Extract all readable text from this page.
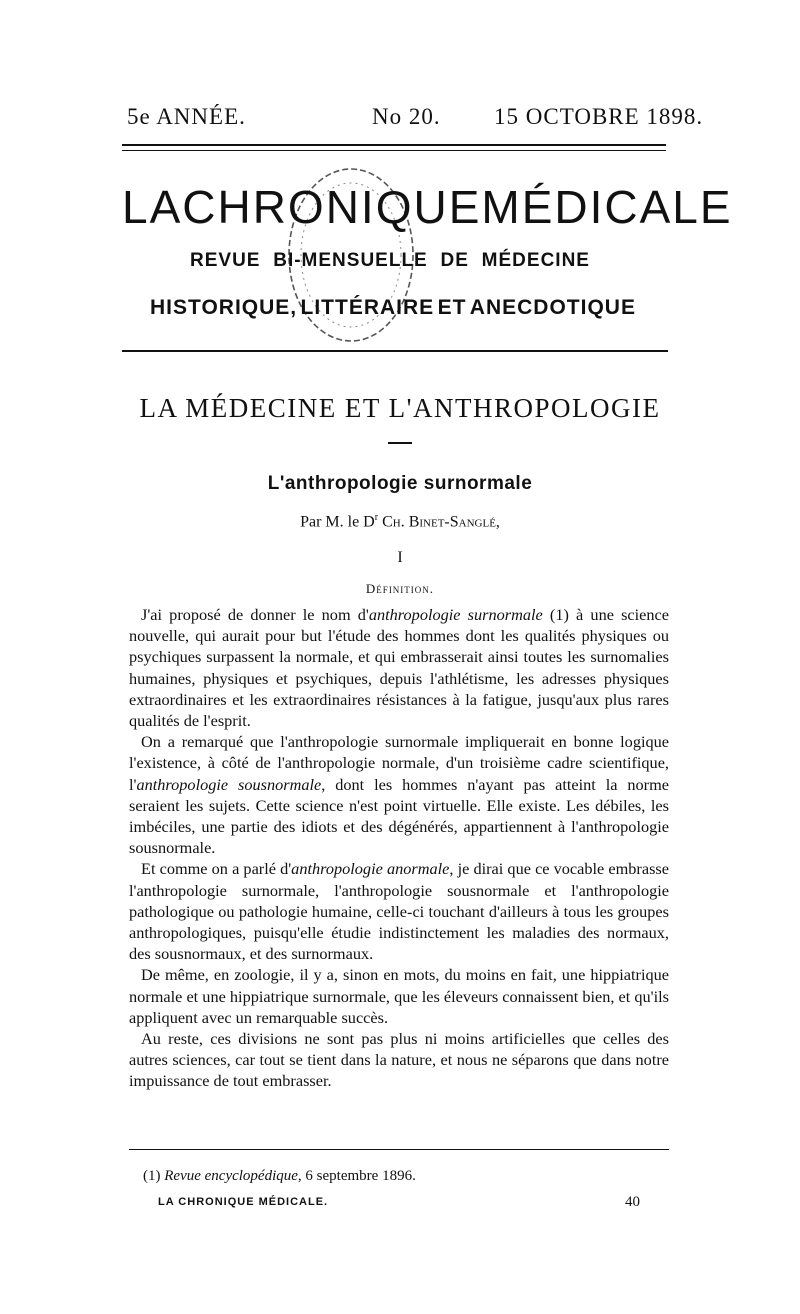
5e ANNÉE.	No 20. 15 OCTOBRE 1898.
LA CHRONIQUE MÉDICALE
REVUE BI-MENSUELLE DE MÉDECINE
HISTORIQUE, LITTÉRAIRE ET ANECDOTIQUE
LA MÉDECINE ET L'ANTHROPOLOGIE
L'anthropologie surnormale
Par M. le $D^r$ Ch. Binet-Sanglé,
I
Définition.

J'ai proposé de donner le nom d'anthropologie surnormale (1) à une science nouvelle, qui aurait pour but l'étude des hommes dont les qualités physiques ou psychiques surpassent la normale, et qui embrasserait ainsi toutes les surnomalies humaines, physiques et psychiques, depuis l'athlétisme, les adresses physiques extraordinaires et les extraordinaires résistances à la fatigue, jusqu'aux plus rares qualités de l'esprit.

On a remarqué que l'anthropologie surnormale impliquerait en bonne logique l'existence, à côté de l'anthropologie normale, d'un troisième cadre scientifique, l'anthropologie sousnormale, dont les hommes n'ayant pas atteint la norme seraient les sujets. Cette science n'est point virtuelle. Elle existe. Les débiles, les imbéciles, une partie des idiots et des dégénérés, appartiennent à l'anthropologie sousnormale.

Et comme on a parlé d'anthropologie anormale, je dirai que ce vocable embrasse l'anthropologie surnormale, l'anthropologie sousnormale et l'anthropologie pathologique ou pathologie humaine, celle-ci touchant d'ailleurs à tous les groupes anthropologiques, puisqu'elle étudie indistinctement les maladies des normaux, des sousnormaux, et des surnormaux.

De même, en zoologie, il y a, sinon en mots, du moins en fait, une hippiatrique normale et une hippiatrique surnormale, que les éleveurs connaissent bien, et qu'ils appliquent avec un remarquable succès.

Au reste, ces divisions ne sont pas plus ni moins artificielles que celles des autres sciences, car tout se tient dans la nature, et nous ne séparons que dans notre impuissance de tout embrasser.

(1) Revue encyclopédique, 6 septembre 1896.
LA CHRONIQUE MÉDICALE.	40
